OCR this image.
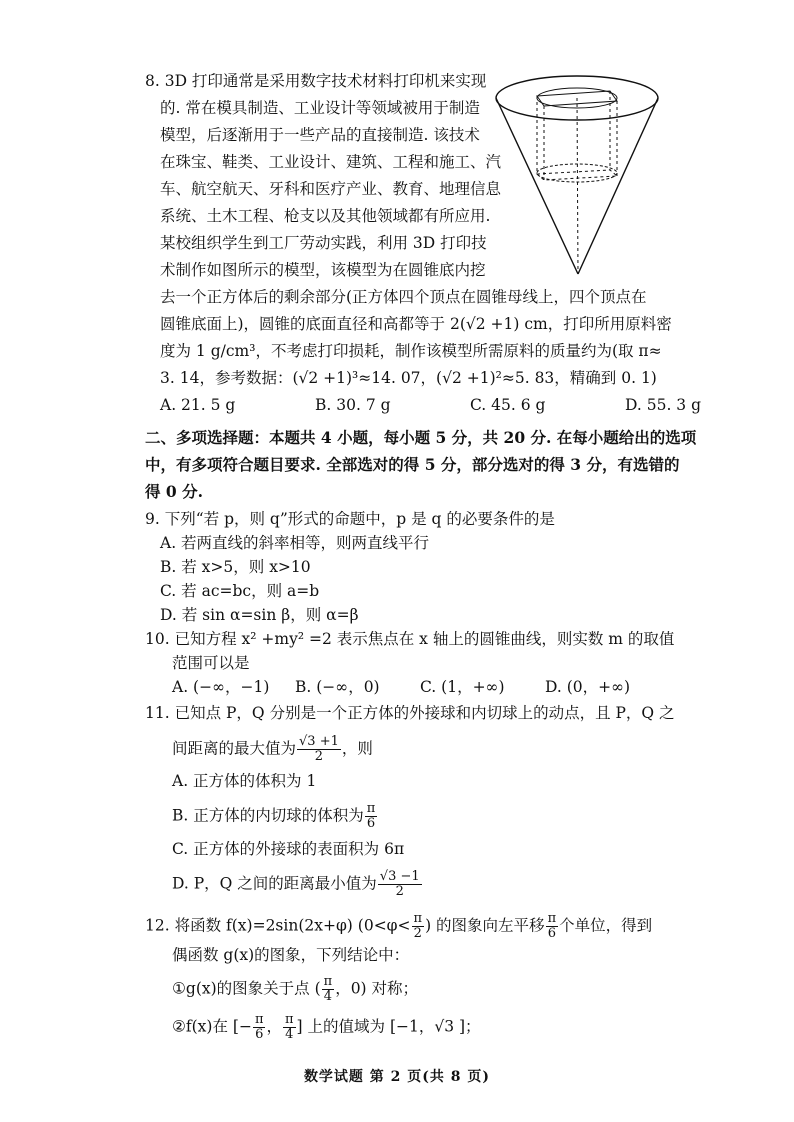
8. 3D 打印通常是采用数字技术材料打印机来实现
的. 常在模具制造、工业设计等领域被用于制造
模型，后逐渐用于一些产品的直接制造. 该技术
在珠宝、鞋类、工业设计、建筑、工程和施工、汽
车、航空航天、牙科和医疗产业、教育、地理信息
系统、土木工程、枪支以及其他领域都有所应用.
某校组织学生到工厂劳动实践，利用 3D 打印技
术制作如图所示的模型，该模型为在圆锥底内挖
去一个正方体后的剩余部分(正方体四个顶点在圆锥母线上，四个顶点在
圆锥底面上)，圆锥的底面直径和高都等于 2(√2 +1) cm，打印所用原料密
度为 1 g/cm³，不考虑打印损耗，制作该模型所需原料的质量约为(取 π≈
3. 14，参考数据：(√2 +1)³≈14. 07，(√2 +1)²≈5. 83，精确到 0. 1)
A. 21. 5 g	B. 30. 7 g	C. 45. 6 g	D. 55. 3 g
二、多项选择题：本题共 4 小题，每小题 5 分，共 20 分. 在每小题给出的选项
中，有多项符合题目要求. 全部选对的得 5 分，部分选对的得 3 分，有选错的
得 0 分.
9. 下列“若 p，则 q”形式的命题中，p 是 q 的必要条件的是
A. 若两直线的斜率相等，则两直线平行
B. 若 x>5，则 x>10
C. 若 ac=bc，则 a=b
D. 若 sin α=sin β，则 α=β
10. 已知方程 x² +my² =2 表示焦点在 x 轴上的圆锥曲线，则实数 m 的取值
范围可以是
A. (−∞，−1) B. (−∞，0)	C. (1，+∞)	D. (0，+∞)
11. 已知点 P，Q 分别是一个正方体的外接球和内切球上的动点，且 P，Q 之
间距离的最大值为 $\frac{√3 +1}{2}$ ，则
A. 正方体的体积为 1
B. 正方体的内切球的体积为 $\frac{\pi}{6}$
C. 正方体的外接球的表面积为 6π
D. P，Q 之间的距离最小值为 $\frac{√3 -1}{2}$
12. 将函数 f(x)=2sin(2x+φ) ($0<\varphi< \frac{\pi}{2}$ ) 的图象向左平移 $\frac{\pi}{6}$ 个单位，得到
偶函数 g(x)的图象，下列结论中：
①g(x)的图象关于点 ( $\frac{\pi}{4}$ ，0) 对称；
②f(x)在 [− $\frac{\pi}{6}$ ， $\frac{\pi}{4}$ ] 上的值域为 [−1，√3 ]；
数学试题 第 2 页(共 8 页)
